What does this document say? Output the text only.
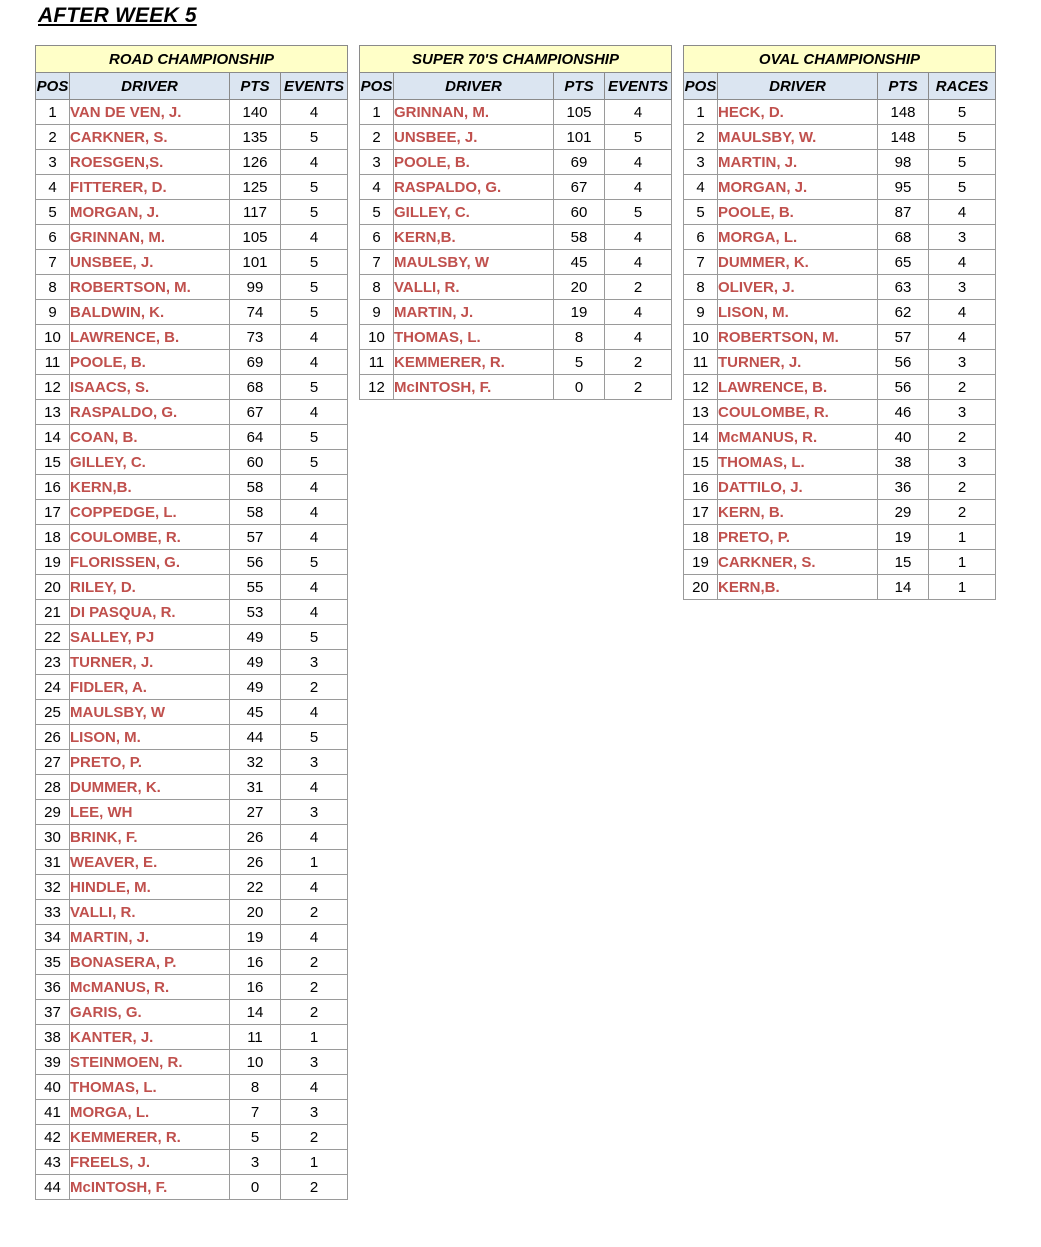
AFTER WEEK 5
ROAD CHAMPIONSHIP			
POS	DRIVER	PTS	EVENTS
1	VAN DE VEN, J.	140	4
2	CARKNER, S.	135	5
3	ROESGEN,S.	126	4
4	FITTERER, D.	125	5
5	MORGAN, J.	117	5
6	GRINNAN, M.	105	4
7	UNSBEE, J.	101	5
8	ROBERTSON, M.	99	5
9	BALDWIN, K.	74	5
10	LAWRENCE, B.	73	4
11	POOLE, B.	69	4
12	ISAACS, S.	68	5
13	RASPALDO, G.	67	4
14	COAN, B.	64	5
15	GILLEY, C.	60	5
16	KERN,B.	58	4
17	COPPEDGE, L.	58	4
18	COULOMBE, R.	57	4
19	FLORISSEN, G.	56	5
20	RILEY, D.	55	4
21	DI PASQUA, R.	53	4
22	SALLEY, PJ	49	5
23	TURNER, J.	49	3
24	FIDLER, A.	49	2
25	MAULSBY, W	45	4
26	LISON, M.	44	5
27	PRETO, P.	32	3
28	DUMMER, K.	31	4
29	LEE, WH	27	3
30	BRINK, F.	26	4
31	WEAVER, E.	26	1
32	HINDLE, M.	22	4
33	VALLI, R.	20	2
34	MARTIN, J.	19	4
35	BONASERA, P.	16	2
36	McMANUS, R.	16	2
37	GARIS, G.	14	2
38	KANTER, J.	11	1
39	STEINMOEN, R.	10	3
40	THOMAS, L.	8	4
41	MORGA, L.	7	3
42	KEMMERER, R.	5	2
43	FREELS, J.	3	1
44	McINTOSH, F.	0	2
SUPER 70'S CHAMPIONSHIP			
POS	DRIVER	PTS	EVENTS
1	GRINNAN, M.	105	4
2	UNSBEE, J.	101	5
3	POOLE, B.	69	4
4	RASPALDO, G.	67	4
5	GILLEY, C.	60	5
6	KERN,B.	58	4
7	MAULSBY, W	45	4
8	VALLI, R.	20	2
9	MARTIN, J.	19	4
10	THOMAS, L.	8	4
11	KEMMERER, R.	5	2
12	McINTOSH, F.	0	2
OVAL CHAMPIONSHIP			
POS	DRIVER	PTS	RACES
1	HECK, D.	148	5
2	MAULSBY, W.	148	5
3	MARTIN, J.	98	5
4	MORGAN, J.	95	5
5	POOLE, B.	87	4
6	MORGA, L.	68	3
7	DUMMER, K.	65	4
8	OLIVER, J.	63	3
9	LISON, M.	62	4
10	ROBERTSON, M.	57	4
11	TURNER, J.	56	3
12	LAWRENCE, B.	56	2
13	COULOMBE, R.	46	3
14	McMANUS, R.	40	2
15	THOMAS, L.	38	3
16	DATTILO, J.	36	2
17	KERN, B.	29	2
18	PRETO, P.	19	1
19	CARKNER, S.	15	1
20	KERN,B.	14	1
